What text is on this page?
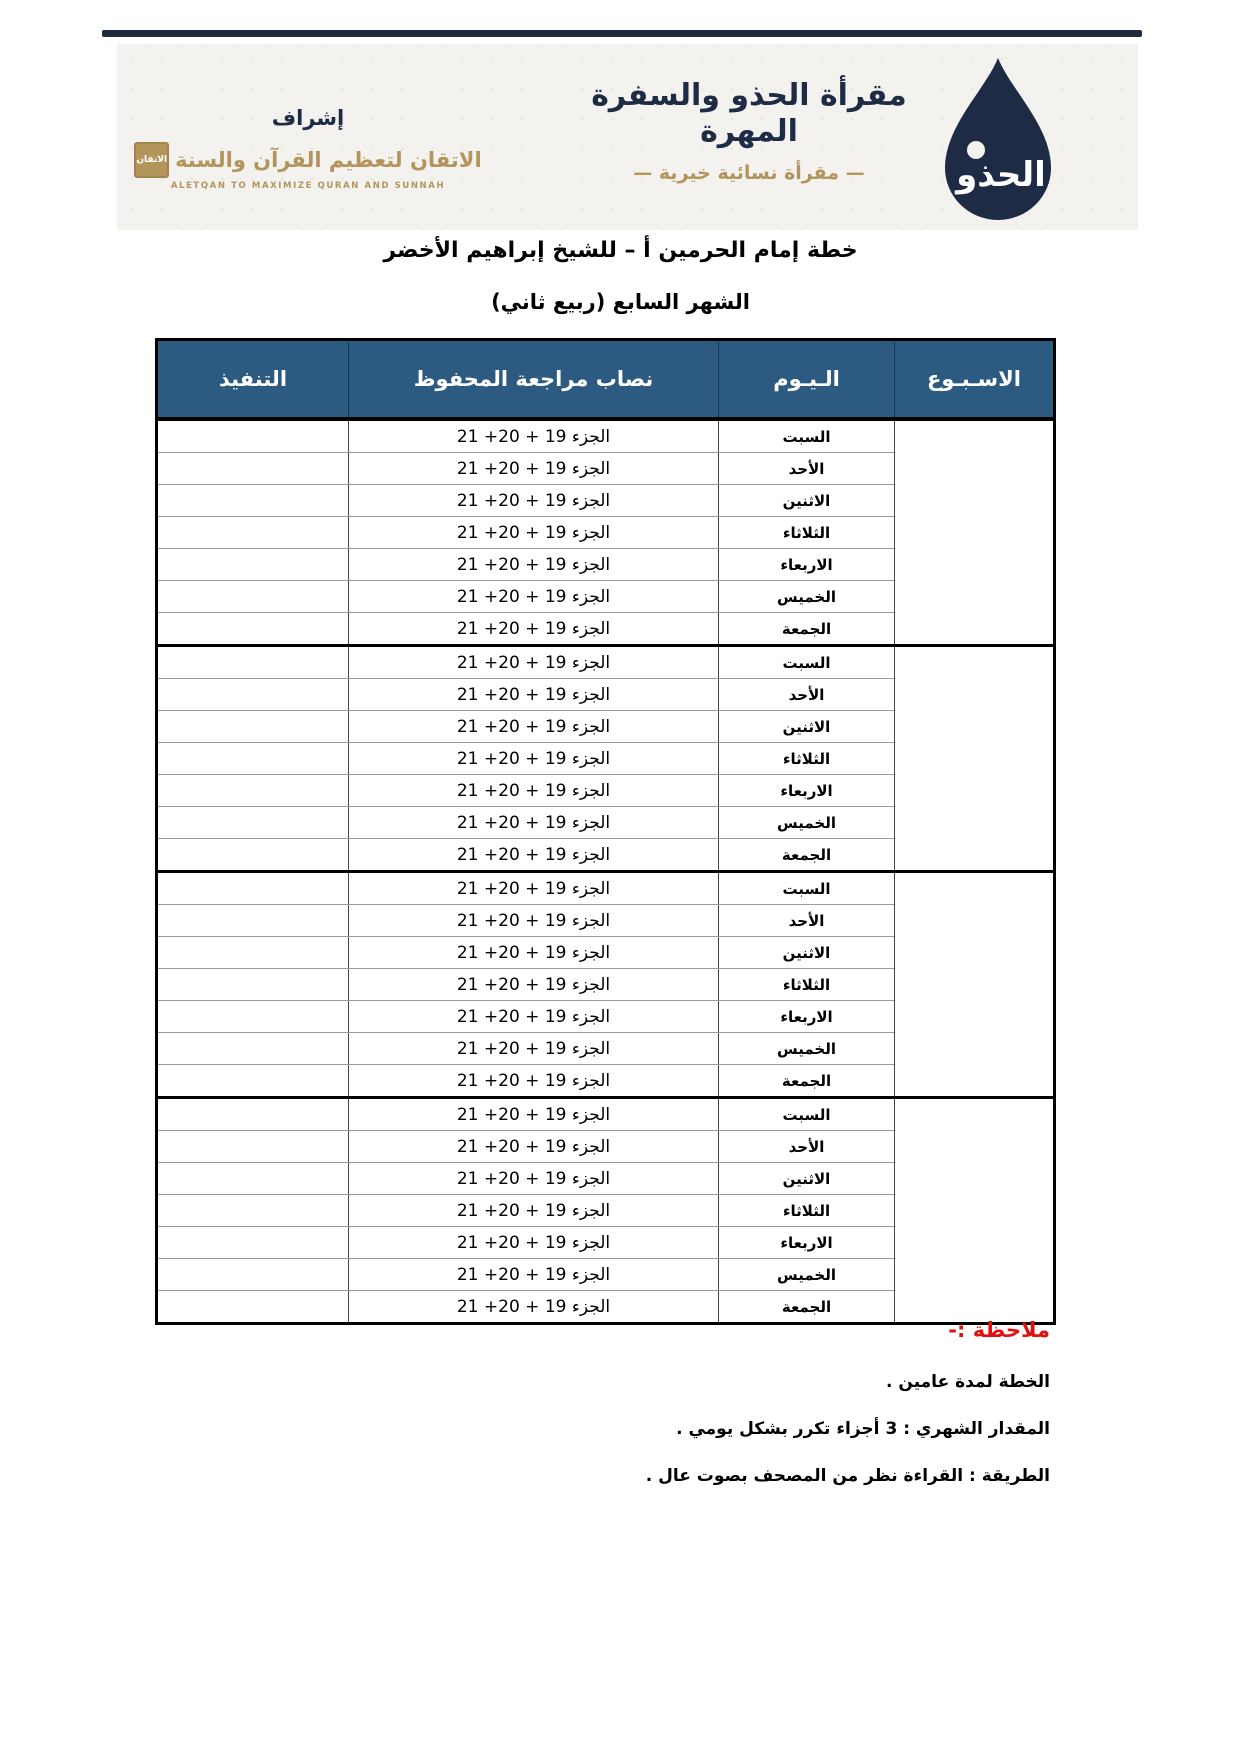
إشراف
الاتقان الاتقان لتعظيم القرآن والسنة
ALETQAN TO MAXIMIZE QURAN AND SUNNAH
مقرأة الحذو والسفرة المهرة
— مقرأة نسائية خيرية —	الحذو
خطة إمام الحرمين أ – للشيخ إبراهيم الأخضر
الشهر السابع (ربيع ثاني)
الاسـبـوع	الـيـوم	نصاب مراجعة المحفوظ	التنفيذ

الأسـبـوع
الاول	السبت	الجزء 19 + 20+ 21	
	الأحد	الجزء 19 + 20+ 21	
	الاثنين	الجزء 19 + 20+ 21	
	الثلاثاء	الجزء 19 + 20+ 21	
	الاربعاء	الجزء 19 + 20+ 21	
	الخميس	الجزء 19 + 20+ 21	
	الجمعة	الجزء 19 + 20+ 21	

الأسـبـوع
الثاني	السبت	الجزء 19 + 20+ 21	
	الأحد	الجزء 19 + 20+ 21	
	الاثنين	الجزء 19 + 20+ 21	
	الثلاثاء	الجزء 19 + 20+ 21	
	الاربعاء	الجزء 19 + 20+ 21	
	الخميس	الجزء 19 + 20+ 21	
	الجمعة	الجزء 19 + 20+ 21	

الأسـبـوع
الثالث	السبت	الجزء 19 + 20+ 21	
	الأحد	الجزء 19 + 20+ 21	
	الاثنين	الجزء 19 + 20+ 21	
	الثلاثاء	الجزء 19 + 20+ 21	
	الاربعاء	الجزء 19 + 20+ 21	
	الخميس	الجزء 19 + 20+ 21	
	الجمعة	الجزء 19 + 20+ 21	

الأسـبـوع
الرابع	السبت	الجزء 19 + 20+ 21	
	الأحد	الجزء 19 + 20+ 21	
	الاثنين	الجزء 19 + 20+ 21	
	الثلاثاء	الجزء 19 + 20+ 21	
	الاربعاء	الجزء 19 + 20+ 21	
	الخميس	الجزء 19 + 20+ 21	
	الجمعة	الجزء 19 + 20+ 21	
ملاحظة :-
الخطة لمدة عامين .
المقدار الشهري : 3 أجزاء تكرر بشكل يومي .
الطريقة : القراءة نظر من المصحف بصوت عال .
